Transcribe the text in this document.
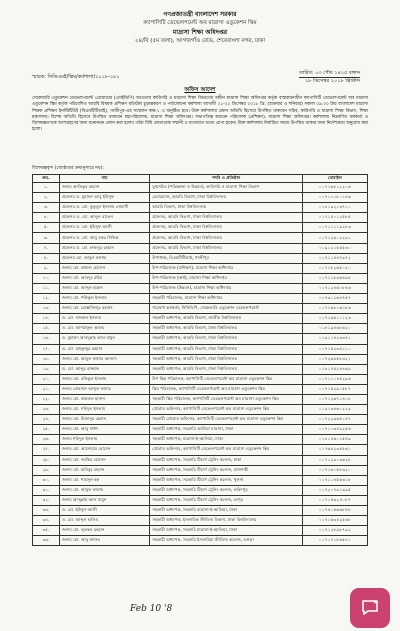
গণপ্রজাতন্ত্রী বাংলাদেশ সরকার
ক্যাপাসিটি ডেভেলপমেন্ট অব মাদ্রাসা এডুকেশন স্কিম
মাদ্রাসা শিক্ষা অধিদপ্তর
২৪/বি (৫ম তলা), আগারগাঁও রোড, শেরেবাংলা নগর, ঢাকা
স্মারক: সিডিএমই/স্কিম/কর্মশালা/২০১৮-১৮১
তারিখ: ০৩ পৌষ ১৪২৫ বঙ্গাব্দ
১৮ ডিসেম্বর ২০১৮ খ্রিস্টাব্দ
অফিস আদেশ
সেকেন্ডারি এডুকেশন ডেভেলপমেন্ট প্রোগ্রামের (এসইডিপি) আওতায় কারিগরি ও মাদ্রাসা শিক্ষা বিভাগের অধীন মাদ্রাসা শিক্ষা অধিদপ্তর কর্তৃক বাস্তবায়নাধীন ক্যাপাসিটি ডেভেলপমেন্ট অব মাদ্রাসা এডুকেশন স্কিম কর্তৃক পরিবেশিত আরবি বিষয়ক প্রশিক্ষণ মডিউল চূড়ান্তকরণ ও পর্যালোচনা কর্মশালা আগামী ২১-২২ ডিসেম্বর ২০১৮ খ্রি. (শুক্রবার ও শনিবার) সকাল ০৯.০০ টায় বাংলাদেশ মাদ্রাসা শিক্ষক প্রশিক্ষণ ইনস্টিটিউট (বিএমটিটিআই), গাজীপুর-এর সম্মেলন কক্ষ-১ এ অনুষ্ঠিত হবে। উক্ত কর্মশালায় প্রধান অতিথি হিসেবে উপস্থিত থাকবেন সচিব, কারিগরি ও মাদ্রাসা শিক্ষা বিভাগ, শিক্ষা মন্ত্রণালয়। বিশেষ অতিথি হিসেবে উপস্থিত থাকবেন মহাপরিচালক, মাদ্রাসা শিক্ষা অধিদপ্তর। সভাপতিত্ব করবেন পরিচালক (প্রশিক্ষণ), মাদ্রাসা শিক্ষা অধিদপ্তর। কর্মশালায় নিম্নবর্ণিত কর্মকর্তা ও বিশেষজ্ঞগণকে অংশগ্রহণের জন্য মনোনয়ন প্রদান করা হলো। তাঁরা বিধি মোতাবেক সম্মানী ও যাতায়াত ভাতা প্রাপ্য হবেন। উক্ত কর্মশালায় নির্ধারিত সময়ে উপস্থিত থাকার জন্য নির্দেশক্রমে অনুরোধ করা হলো।
বিশেষজ্ঞবৃন্দ (জ্যেষ্ঠতার ক্রমানুসারে নয়):
ক্রম.	নাম	পদবি ও প্রতিষ্ঠান	মোবাইল
১.	জনাব আতিকুর রহমান	যুগ্মসচিব (পরিকল্পনা ও উন্নয়ন), কারিগরি ও মাদ্রাসা শিক্ষা বিভাগ	০১৭১৬৮১২২০৬
২.	প্রফেসর ড. মুহাম্মদ আবু ইউসুফ	চেয়ারম্যান, আরবি বিভাগ, ঢাকা বিশ্ববিদ্যালয়	০১৭১১০৮০১৪৬
৩.	প্রফেসর ড. মো. কুতুবুল ইসলাম নোমানী	আরবি বিভাগ, ঢাকা বিশ্ববিদ্যালয়	০১৮১৯২০৩৭১০
৪.	প্রফেসর ড. মো. আব্দুল বাতেন	প্রফেসর, আরবি বিভাগ, ঢাকা বিশ্ববিদ্যালয়	০১৭১৫০১২৫৮৫
৫.	প্রফেসর ড. মো. ইউসুফ আলী	প্রফেসর, আরবি বিভাগ, ঢাকা বিশ্ববিদ্যালয়	০১৭১১১১৯২৮৩
৬.	প্রফেসর ড. মো. আবু বকর সিদ্দিক	প্রফেসর, আরবি বিভাগ, ঢাকা বিশ্ববিদ্যালয়	০১৭১২৬০২২৯১
৭.	প্রফেসর ড. মো. ফজলুর রহমান	প্রফেসর, আরবি বিভাগ, ঢাকা বিশ্ববিদ্যালয়	০১৯১২১৫৫৫৩০
৮.	প্রফেসর মো. আবুল কাশেম	উপাধ্যক্ষ, বিএমটিটিআই, গাজীপুর	০১৭১১৪৪৭৯৭২
৯.	জনাব মো. কামাল হোসেন	উপ-পরিচালক (প্রশিক্ষণ), মাদ্রাসা শিক্ষা অধিদপ্তর	০১৭১৮২৬৫০২০
১০.	জনাব মো. আবদুর রহিম	উপ-পরিচালক (অর্থ), মাদ্রাসা শিক্ষা অধিদপ্তর	০১৭১১৮৩৬৪৯৮
১১.	জনাব মো. আব্দুল হান্নান	উপ-পরিচালক (উন্নয়ন), মাদ্রাসা শিক্ষা অধিদপ্তর	০১৭১২৪৬০৮৪৬
১২.	জনাব মো. শফিকুল ইসলাম	সহকারী পরিচালক, মাদ্রাসা শিক্ষা অধিদপ্তর	০১৭৩১২৬৪৭৫৭
১৩.	জনাব মো. মোস্তাফিজুর রহমান	গবেষণা কর্মকর্তা, নিসিডিপি, সেকেন্ডারি এডুকেশন ডেভেলপমেন্ট	০১৭১৬৮০৬১৮৩
১৪.	ড. মো. নজরুল ইসলাম	সহকারী অধ্যাপক, আরবি বিভাগ, জাতীয় বিশ্ববিদ্যালয়	০১৭১৬৫১০১২৩
১৫.	ড. মো. আশরাফুল আলম	সহকারী অধ্যাপক, আরবি বিভাগ, ঢাকা বিশ্ববিদ্যালয়	০১৮১৯৪৩৮৬২০
১৬.	ড. মুহাম্মদ আবদুল্লাহ আল মামুন	সহকারী অধ্যাপক, আরবি বিভাগ, ঢাকা বিশ্ববিদ্যালয়	০১৯১১৪২৩৩৪১
১৭.	ড. মো. মাহফুজুর রহমান	সহকারী অধ্যাপক, আরবি বিভাগ, ঢাকা বিশ্ববিদ্যালয়	০১৭১৫২৩৪১১০
১৮.	জনাব মো. আবুল কালাম আজাদ	সহকারী অধ্যাপক, আরবি বিভাগ, ঢাকা বিশ্ববিদ্যালয়	০১৭২৬৫৫৮৩২১
১৯.	ড. মো. আব্দুর রাজ্জাক	সহকারী অধ্যাপক, আরবি বিভাগ, ঢাকা বিশ্ববিদ্যালয়	০১৮১৭৫২৪৪৬৯
২০.	জনাব মো. রফিকুল ইসলাম	উপ স্কিম পরিচালক, ক্যাপাসিটি ডেভেলপমেন্ট অব মাদ্রাসা এডুকেশন স্কিম	০১৭১১০৪৫২৯৬
২১.	জনাব মোহাম্মদ আব্দুল কাদের	স্কিম পরিচালক, ক্যাপাসিটি ডেভেলপমেন্ট অব মাদ্রাসা এডুকেশন স্কিম	০১৭১৫২৯০৫৮৭
২২.	জনাব মো. কামরুল হাসান	সহকারী স্কিম পরিচালক, ক্যাপাসিটি ডেভেলপমেন্ট অব মাদ্রাসা এডুকেশন স্কিম	০১৭১২৬৭১৪০৮
২৩.	জনাব মো. শহিদুল ইসলাম	প্রোগ্রাম অফিসার, ক্যাপাসিটি ডেভেলপমেন্ট অব মাদ্রাসা এডুকেশন স্কিম	০১৯১৩৪৬০২২৯
২৪.	জনাব মো. মিজানুর রহমান	সহকারী প্রোগ্রাম অফিসার, ক্যাপাসিটি ডেভেলপমেন্ট অব মাদ্রাসা এডুকেশন স্কিম	০১৭২২৩৬৫১৪৭
২৫.	জনাব মো. আবু সাঈদ	সহকারী অধ্যাপক, সরকারি আলিয়া মাদ্রাসা, ঢাকা	০১৭১০৩৪৯২৫৬
২৬.	জনাব শহিদুল ইসলাম	সহকারী অধ্যাপক, মাদ্রাসা-ই-আলিয়া, ঢাকা	০১৮১৪৬০১৫৪৯
২৭.	জনাব মো. আনোয়ার হোসেন	প্রোগ্রাম অফিসার, ক্যাপাসিটি ডেভেলপমেন্ট অব মাদ্রাসা এডুকেশন স্কিম	০১৭৬৮২৩৪৫৬১
২৮.	জনাব মো. জাকির হোসেন	সহকারী অধ্যাপক, সরকারি টিচার্স ট্রেনিং কলেজ, ঢাকা	০১৭১২৯০৩৬২৮
২৯.	জনাব মো. হাবিবুর রহমান	সহকারী অধ্যাপক, সরকারি টিচার্স ট্রেনিং কলেজ, রাজশাহী	০১৭১৬০৫৮৩২০
৩০.	জনাব মো. শামসুল হক	সহকারী অধ্যাপক, সরকারি টিচার্স ট্রেনিং কলেজ, খুলনা	০১৭১১৪৫৬৩১৮
৩১.	জনাব মো. আবুল কাশেম	সহকারী অধ্যাপক, সরকারি টিচার্স ট্রেনিং কলেজ, ফরিদপুর	০১৭২০৭৩১৯৯৫
৩২.	জনাব আব্দুল্লাহ আল মামুন	সহকারী অধ্যাপক, সরকারি টিচার্স ট্রেনিং কলেজ, রংপুর	০১৭১৫৩২৪০৮৭
৩৩.	ড. মো. ইউনুস আলী	সহকারী অধ্যাপক, সরকারি মাদ্রাসা-ই-আলিয়া, ঢাকা	০১৭৪০৫৬৬৮৪৮
৩৪.	ড. মো. আব্দুল হালিম	সহকারী অধ্যাপক, ইসলামিক স্টাডিজ বিভাগ, ঢাকা বিশ্ববিদ্যালয়	০১৭১৬৩৪২৫৬৮
৩৫.	জনাব মো. লুতফর রহমান	সহকারী অধ্যাপক, সরকারি মাদ্রাসা-ই-আলিয়া, ঢাকা	০১৭১২৮৯৮৭৯২
৩৬.	জনাব মো. আবু জাফর	সহকারী অধ্যাপক, সরকারি ইসলামিয়া স্টাডিজ কলেজ, বগুড়া	০১৭১৭০৮৬৫৪১
Feb 10 '8
